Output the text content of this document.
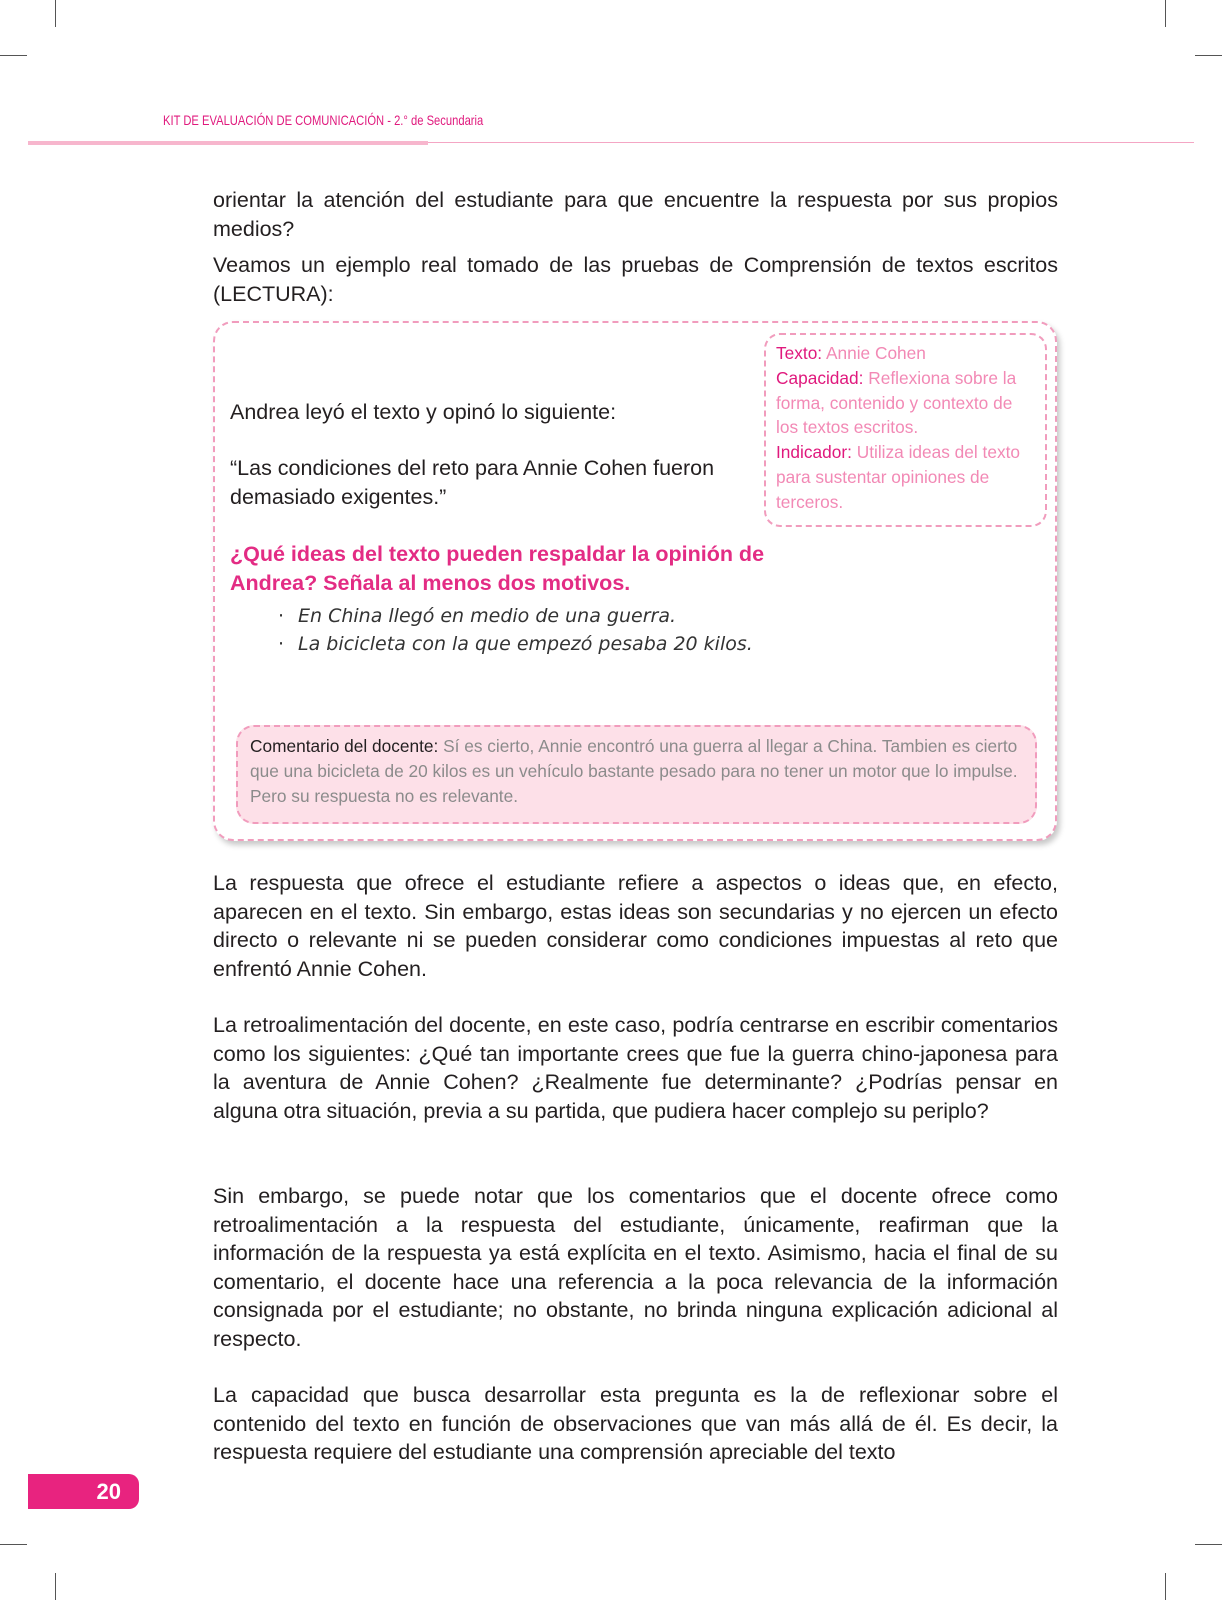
KIT DE EVALUACIÓN DE COMUNICACIÓN - 2.° de Secundaria

orientar la atención del estudiante para que encuentre la respuesta por sus propios medios?

Veamos un ejemplo real tomado de las pruebas de Comprensión de textos escritos (LECTURA):

Texto: Annie Cohen
Capacidad: Reflexiona sobre la forma, contenido y contexto de los textos escritos.
Indicador: Utiliza ideas del texto para sustentar opiniones de terceros.

Andrea leyó el texto y opinó lo siguiente:

“Las condiciones del reto para Annie Cohen fueron demasiado exigentes.”

¿Qué ideas del texto pueden respaldar la opinión de Andrea? Señala al menos dos motivos.

· En China llegó en medio de una guerra.
· La bicicleta con la que empezó pesaba 20 kilos.
Comentario del docente: Sí es cierto, Annie encontró una guerra al llegar a China. Tambien es cierto que una bicicleta de 20 kilos es un vehículo bastante pesado para no tener un motor que lo impulse. Pero su respuesta no es relevante.

La respuesta que ofrece el estudiante refiere a aspectos o ideas que, en efecto, aparecen en el texto. Sin embargo, estas ideas son secundarias y no ejercen un efecto directo o relevante ni se pueden considerar como condiciones impuestas al reto que enfrentó Annie Cohen.

La retroalimentación del docente, en este caso, podría centrarse en escribir comentarios como los siguientes: ¿Qué tan importante crees que fue la guerra chino-japonesa para la aventura de Annie Cohen? ¿Realmente fue determinante? ¿Podrías pensar en alguna otra situación, previa a su partida, que pudiera hacer complejo su periplo?

Sin embargo, se puede notar que los comentarios que el docente ofrece como retroalimentación a la respuesta del estudiante, únicamente, reafirman que la información de la respuesta ya está explícita en el texto. Asimismo, hacia el final de su comentario, el docente hace una referencia a la poca relevancia de la información consignada por el estudiante; no obstante, no brinda ninguna explicación adicional al respecto.

La capacidad que busca desarrollar esta pregunta es la de reflexionar sobre el contenido del texto en función de observaciones que van más allá de él. Es decir, la respuesta requiere del estudiante una comprensión apreciable del texto

20
